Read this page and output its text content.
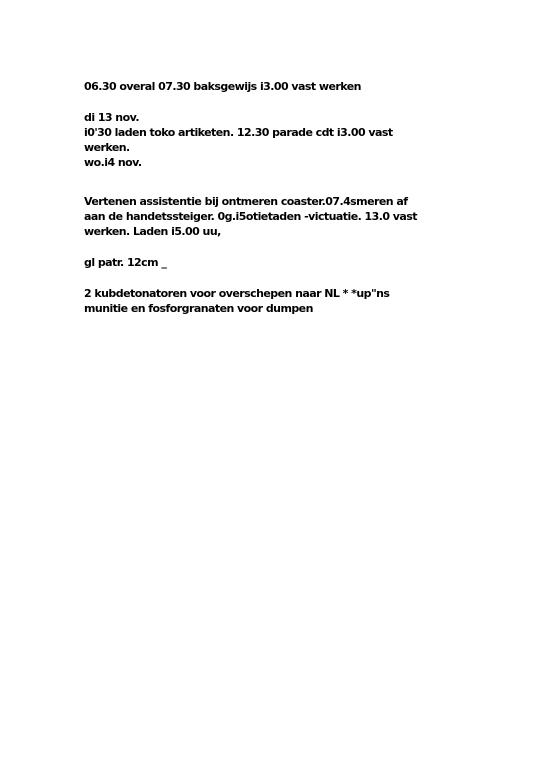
06.30 overal 07.30 baksgewijs i3.00 vast werken
di 13 nov.
i0'30 laden toko artiketen. 12.30 parade cdt i3.00 vast
werken.
wo.i4 nov.
Vertenen assistentie bij ontmeren coaster.07.4smeren af
aan de handetssteiger. 0g.i5otietaden -victuatie. 13.0 vast
werken. Laden i5.00 uu,
gl patr. 12cm _
2 kubdetonatoren voor overschepen naar NL * *up"ns
munitie en fosforgranaten voor dumpen
